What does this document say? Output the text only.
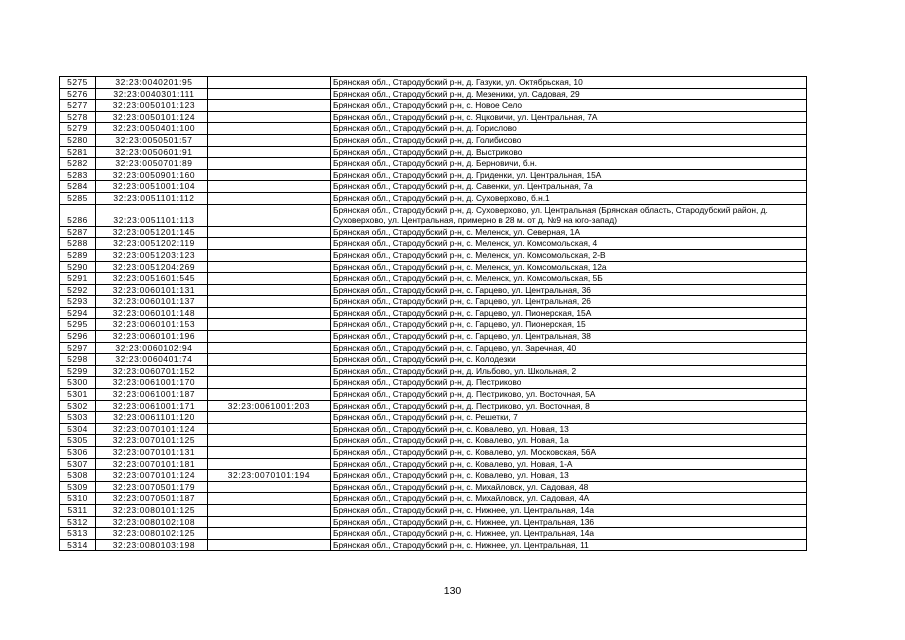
5275	32:23:0040201:95		Брянская обл., Стародубский р-н, д. Газуки, ул. Октябрьская, 10
5276	32:23:0040301:111		Брянская обл., Стародубский р-н, д. Мезеники, ул. Садовая, 29
5277	32:23:0050101:123		Брянская обл., Стародубский р-н, с. Новое Село
5278	32:23:0050101:124		Брянская обл., Стародубский р-н, с. Яцковичи, ул. Центральная, 7А
5279	32:23:0050401:100		Брянская обл., Стародубский р-н, д. Горислово
5280	32:23:0050501:57		Брянская обл., Стародубский р-н, д. Голибисово
5281	32:23:0050601:91		Брянская обл., Стародубский р-н, д. Выстриково
5282	32:23:0050701:89		Брянская обл., Стародубский р-н, д. Берновичи, б.н.
5283	32:23:0050901:160		Брянская обл., Стародубский р-н, д. Гриденки, ул. Центральная, 15А
5284	32:23:0051001:104		Брянская обл., Стародубский р-н, д. Савенки, ул. Центральная, 7а
5285	32:23:0051101:112		Брянская обл., Стародубский р-н, д. Суховерхово, б.н.1
5286	32:23:0051101:113		Брянская обл., Стародубский р-н, д. Суховерхово, ул. Центральная (Брянская область, Стародубский район, д. Суховерхово, ул. Центральная, примерно в 28 м. от д. №9 на юго-запад)
5287	32:23:0051201:145		Брянская обл., Стародубский р-н, с. Меленск, ул. Северная, 1А
5288	32:23:0051202:119		Брянская обл., Стародубский р-н, с. Меленск, ул. Комсомольская, 4
5289	32:23:0051203:123		Брянская обл., Стародубский р-н, с. Меленск, ул. Комсомольская, 2-В
5290	32:23:0051204:269		Брянская обл., Стародубский р-н, с. Меленск, ул. Комсомольская, 12а
5291	32:23:0051601:545		Брянская обл., Стародубский р-н, с. Меленск, ул. Комсомольская, 5Б
5292	32:23:0060101:131		Брянская обл., Стародубский р-н, с. Гарцево, ул. Центральная, 36
5293	32:23:0060101:137		Брянская обл., Стародубский р-н, с. Гарцево, ул. Центральная, 26
5294	32:23:0060101:148		Брянская обл., Стародубский р-н, с. Гарцево, ул. Пионерская, 15А
5295	32:23:0060101:153		Брянская обл., Стародубский р-н, с. Гарцево, ул. Пионерская, 15
5296	32:23:0060101:196		Брянская обл., Стародубский р-н, с. Гарцево, ул. Центральная, 38
5297	32:23:0060102:94		Брянская обл., Стародубский р-н, с. Гарцево, ул. Заречная, 40
5298	32:23:0060401:74		Брянская обл., Стародубский р-н, с. Колодезки
5299	32:23:0060701:152		Брянская обл., Стародубский р-н, д. Ильбово, ул. Школьная, 2
5300	32:23:0061001:170		Брянская обл., Стародубский р-н, д. Пестриково
5301	32:23:0061001:187		Брянская обл., Стародубский р-н, д. Пестриково, ул. Восточная, 5А
5302	32:23:0061001:171	32:23:0061001:203	Брянская обл., Стародубский р-н, д. Пестриково, ул. Восточная, 8
5303	32:23:0061101:120		Брянская обл., Стародубский р-н, с. Решетки, 7
5304	32:23:0070101:124		Брянская обл., Стародубский р-н, с. Ковалево, ул. Новая, 13
5305	32:23:0070101:125		Брянская обл., Стародубский р-н, с. Ковалево, ул. Новая, 1а
5306	32:23:0070101:131		Брянская обл., Стародубский р-н, с. Ковалево, ул. Московская, 56А
5307	32:23:0070101:181		Брянская обл., Стародубский р-н, с. Ковалево, ул. Новая, 1-А
5308	32:23:0070101:124	32:23:0070101:194	Брянская обл., Стародубский р-н, с. Ковалево, ул. Новая, 13
5309	32:23:0070501:179		Брянская обл., Стародубский р-н, с. Михайловск, ул. Садовая, 48
5310	32:23:0070501:187		Брянская обл., Стародубский р-н, с. Михайловск, ул. Садовая, 4А
5311	32:23:0080101:125		Брянская обл., Стародубский р-н, с. Нижнее, ул. Центральная, 14а
5312	32:23:0080102:108		Брянская обл., Стародубский р-н, с. Нижнее, ул. Центральная, 136
5313	32:23:0080102:125		Брянская обл., Стародубский р-н, с. Нижнее, ул. Центральная, 14а
5314	32:23:0080103:198		Брянская обл., Стародубский р-н, с. Нижнее, ул. Центральная, 11
130
